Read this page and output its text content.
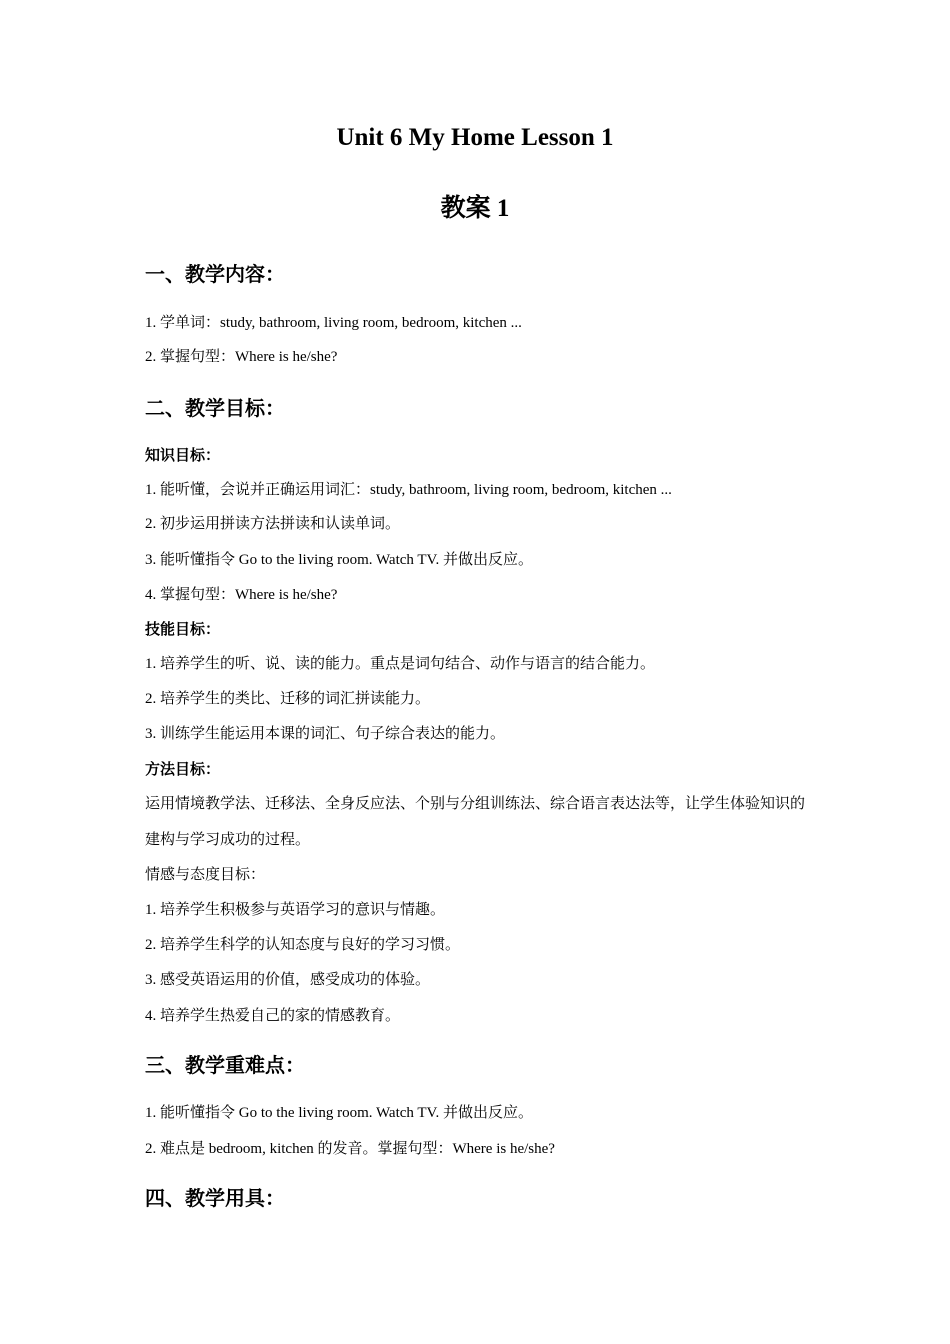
Unit 6 My Home Lesson 1
教案 1
一、教学内容：
1. 学单词：study, bathroom, living room, bedroom, kitchen ...
2. 掌握句型：Where is he/she?
二、教学目标：
知识目标：
1. 能听懂，会说并正确运用词汇：study, bathroom, living room, bedroom, kitchen ...
2. 初步运用拼读方法拼读和认读单词。
3. 能听懂指令 Go to the living room. Watch TV. 并做出反应。
4. 掌握句型：Where is he/she?
技能目标：
1. 培养学生的听、说、读的能力。重点是词句结合、动作与语言的结合能力。
2. 培养学生的类比、迁移的词汇拼读能力。
3. 训练学生能运用本课的词汇、句子综合表达的能力。
方法目标：
运用情境教学法、迁移法、全身反应法、个别与分组训练法、综合语言表达法等，让学生体验知识的建构与学习成功的过程。
情感与态度目标：
1. 培养学生积极参与英语学习的意识与情趣。
2. 培养学生科学的认知态度与良好的学习习惯。
3. 感受英语运用的价值，感受成功的体验。
4. 培养学生热爱自己的家的情感教育。
三、教学重难点：
1. 能听懂指令 Go to the living room. Watch TV. 并做出反应。
2. 难点是 bedroom, kitchen 的发音。掌握句型：Where is he/she?
四、教学用具：
